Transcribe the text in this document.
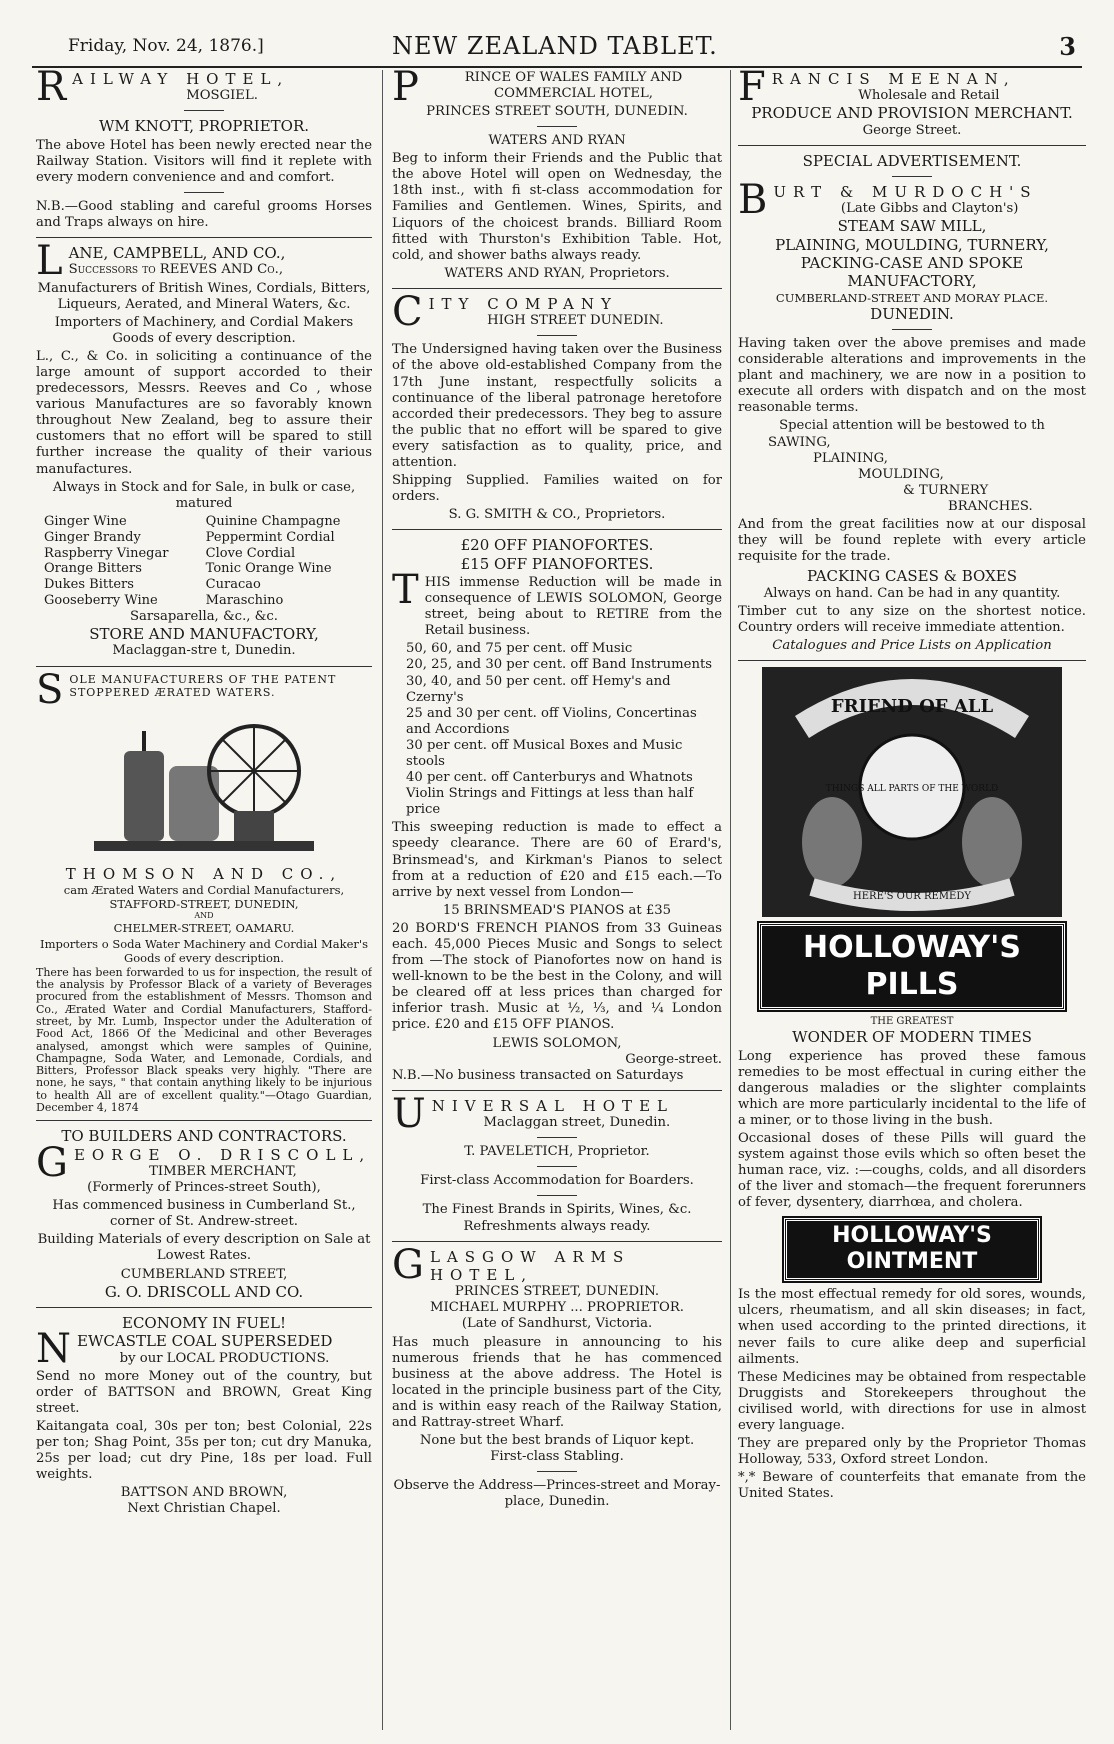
Friday, Nov. 24, 1876.]	NEW ZEALAND TABLET.	3
R AILWAY HOTEL,
MOSGIEL.
WM KNOTT, PROPRIETOR.

The above Hotel has been newly erected near the Railway Station. Visitors will find it replete with every modern convenience and and comfort.

N.B.—Good stabling and careful grooms Horses and Traps always on hire.

L ANE, CAMPBELL, AND CO.,
Successors to REEVES AND Co.,

Manufacturers of British Wines, Cordials, Bitters, Liqueurs, Aerated, and Mineral Waters, &c.

Importers of Machinery, and Cordial Makers Goods of every description.

L., C., & Co. in soliciting a continuance of the large amount of support accorded to their predecessors, Messrs. Reeves and Co , whose various Manufactures are so favorably known throughout New Zealand, beg to assure their customers that no effort will be spared to still further increase the quality of their various manufactures.

Always in Stock and for Sale, in bulk or case, matured

Ginger Wine	Quinine Champagne
Ginger Brandy	Peppermint Cordial
Raspberry Vinegar	Clove Cordial
Orange Bitters	Tonic Orange Wine
Dukes Bitters	Curacao
Gooseberry Wine	Maraschino
Sarsaparella, &c., &c.
STORE AND MANUFACTORY,
Maclaggan-stre t, Dunedin.
S OLE MANUFACTURERS OF THE PATENT STOPPERED ÆRATED WATERS.
THOMSON AND CO.,
cam Ærated Waters and Cordial Manufacturers,
STAFFORD-STREET, DUNEDIN,
AND
CHELMER-STREET, OAMARU.

Importers o Soda Water Machinery and Cordial Maker's Goods of every description.

There has been forwarded to us for inspection, the result of the analysis by Professor Black of a variety of Beverages procured from the establishment of Messrs. Thomson and Co., Ærated Water and Cordial Manufacturers, Stafford-street, by Mr. Lumb, Inspector under the Adulteration of Food Act, 1866 Of the Medicinal and other Beverages analysed, amongst which were samples of Quinine, Champagne, Soda Water, and Lemonade, Cordials, and Bitters, Professor Black speaks very highly. "There are none, he says, " that contain anything likely to be injurious to health All are of excellent quality."—Otago Guardian, December 4, 1874

TO BUILDERS AND CONTRACTORS.
G EORGE O. DRISCOLL,
TIMBER MERCHANT,
(Formerly of Princes-street South),

Has commenced business in Cumberland St., corner of St. Andrew-street.

Building Materials of every description on Sale at Lowest Rates.

CUMBERLAND STREET,
G. O. DRISCOLL AND CO.
ECONOMY IN FUEL!
N EWCASTLE COAL SUPERSEDED
by our LOCAL PRODUCTIONS.

Send no more Money out of the country, but order of BATTSON and BROWN, Great King street.

Kaitangata coal, 30s per ton; best Colonial, 22s per ton; Shag Point, 35s per ton; cut dry Manuka, 25s per load; cut dry Pine, 18s per load. Full weights.

BATTSON AND BROWN,
Next Christian Chapel.
P	RINCE OF WALES FAMILY AND COMMERCIAL HOTEL,
PRINCES STREET SOUTH, DUNEDIN.
WATERS AND RYAN

Beg to inform their Friends and the Public that the above Hotel will open on Wednesday, the 18th inst., with fi st-class accommodation for Families and Gentlemen. Wines, Spirits, and Liquors of the choicest brands. Billiard Room fitted with Thurston's Exhibition Table. Hot, cold, and shower baths always ready.

WATERS AND RYAN, Proprietors.
C ITY COMPANY
HIGH STREET DUNEDIN.

The Undersigned having taken over the Business of the above old-established Company from the 17th June instant, respectfully solicits a continuance of the liberal patronage heretofore accorded their predecessors. They beg to assure the public that no effort will be spared to give every satisfaction as to quality, price, and attention.

Shipping Supplied. Families waited on for orders.

S. G. SMITH & CO., Proprietors.
£20 OFF PIANOFORTES.
£15 OFF PIANOFORTES.
T HIS immense Reduction will be made in consequence of LEWIS SOLOMON, George street, being about to RETIRE from the Retail business.

50, 60, and 75 per cent. off Music
20, 25, and 30 per cent. off Band Instruments
30, 40, and 50 per cent. off Hemy's and Czerny's
25 and 30 per cent. off Violins, Concertinas and Accordions
30 per cent. off Musical Boxes and Music stools
40 per cent. off Canterburys and Whatnots
Violin Strings and Fittings at less than half price

This sweeping reduction is made to effect a speedy clearance. There are 60 of Erard's, Brinsmead's, and Kirkman's Pianos to select from at a reduction of £20 and £15 each.—To arrive by next vessel from London—

15 BRINSMEAD'S PIANOS at £35

20 BORD'S FRENCH PIANOS from 33 Guineas each. 45,000 Pieces Music and Songs to select from —The stock of Pianofortes now on hand is well-known to be the best in the Colony, and will be cleared off at less prices than charged for inferior trash. Music at ½, ⅓, and ¼ London price. £20 and £15 OFF PIANOS.

LEWIS SOLOMON,
George-street.
N.B.—No business transacted on Saturdays
U NIVERSAL HOTEL
Maclaggan street, Dunedin.
T. PAVELETICH, Proprietor.
First-class Accommodation for Boarders.
The Finest Brands in Spirits, Wines, &c.
Refreshments always ready.
G LASGOW ARMS HOTEL,
PRINCES STREET, DUNEDIN.
MICHAEL MURPHY ... PROPRIETOR.
(Late of Sandhurst, Victoria.

Has much pleasure in announcing to his numerous friends that he has commenced business at the above address. The Hotel is located in the principle business part of the City, and is within easy reach of the Railway Station, and Rattray-street Wharf.

None but the best brands of Liquor kept.
First-class Stabling.
Observe the Address—Princes-street and Moray-place, Dunedin.
F RANCIS MEENAN,
Wholesale and Retail
PRODUCE AND PROVISION MERCHANT.
George Street.
SPECIAL ADVERTISEMENT.
B URT & MURDOCH'S
(Late Gibbs and Clayton's)
STEAM SAW MILL,
PLAINING, MOULDING, TURNERY,
PACKING-CASE AND SPOKE
MANUFACTORY,
CUMBERLAND-STREET AND MORAY PLACE.
DUNEDIN.

Having taken over the above premises and made considerable alterations and improvements in the plant and machinery, we are now in a position to execute all orders with dispatch and on the most reasonable terms.

Special attention will be bestowed to th
SAWING,
PLAINING,
MOULDING,
& TURNERY
BRANCHES.

And from the great facilities now at our disposal they will be found replete with every article requisite for the trade.

PACKING CASES & BOXES
Always on hand. Can be had in any quantity.

Timber cut to any size on the shortest notice. Country orders will receive immediate attention.

Catalogues and Price Lists on Application
FRIEND OF ALL
THINGS ALL PARTS OF THE WORLD
HERE'S OUR REMEDY
HOLLOWAY'S PILLS
THE GREATEST
WONDER OF MODERN TIMES

Long experience has proved these famous remedies to be most effectual in curing either the dangerous maladies or the slighter complaints which are more particularly incidental to the life of a miner, or to those living in the bush.

Occasional doses of these Pills will guard the system against those evils which so often beset the human race, viz. :—coughs, colds, and all disorders of the liver and stomach—the frequent forerunners of fever, dysentery, diarrhœa, and cholera.

HOLLOWAY'S OINTMENT

Is the most effectual remedy for old sores, wounds, ulcers, rheumatism, and all skin diseases; in fact, when used according to the printed directions, it never fails to cure alike deep and superficial ailments.

These Medicines may be obtained from respectable Druggists and Storekeepers throughout the civilised world, with directions for use in almost every language.

They are prepared only by the Proprietor Thomas Holloway, 533, Oxford street London.

*,* Beware of counterfeits that emanate from the United States.
